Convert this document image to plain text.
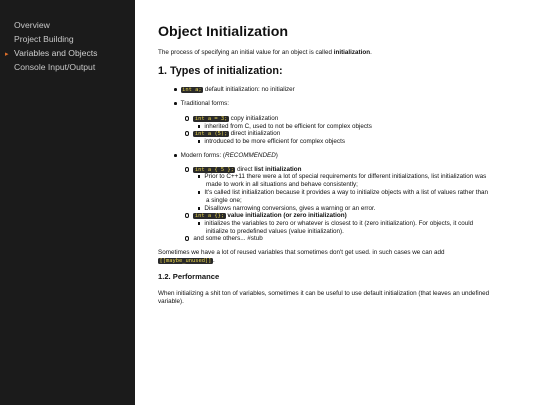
Overview
Project Building
▸ Variables and Objects
Console Input/Output
Object Initialization
The process of specifying an initial value for an object is called initialization.
1. Types of initialization:
int a; default initialization: no initializer
Traditional forms:
int a = 3; copy initialization
inherited from C, used to not be efficient for complex objects
int a (5); direct initialization
introduced to be more efficient for complex objects
Modern forms: (RECOMMENDED)
int a { 5 }; direct list initialization
Prior to C++11 there were a lot of special requirements for different initializations, list initialization was
made to work in all situations and behave consistently;
It's called list initialization because it provides a way to initialize objects with a list of values rather than
a single one;
Disallows narrowing conversions, gives a warning or an error.
int a {}; value initialization (or zero initialization)
initializes the variables to zero or whatever is closest to it (zero initialization). For objects, it could
initialize to predefined values (value initialization).
and some others... #stub
Sometimes we have a lot of reused variables that sometimes don't get used. in such cases we can add
[[maybe_unused]] .
1.2. Performance
When initializing a shit ton of variables, sometimes it can be useful to use default initialization (that leaves an undefined
variable).
